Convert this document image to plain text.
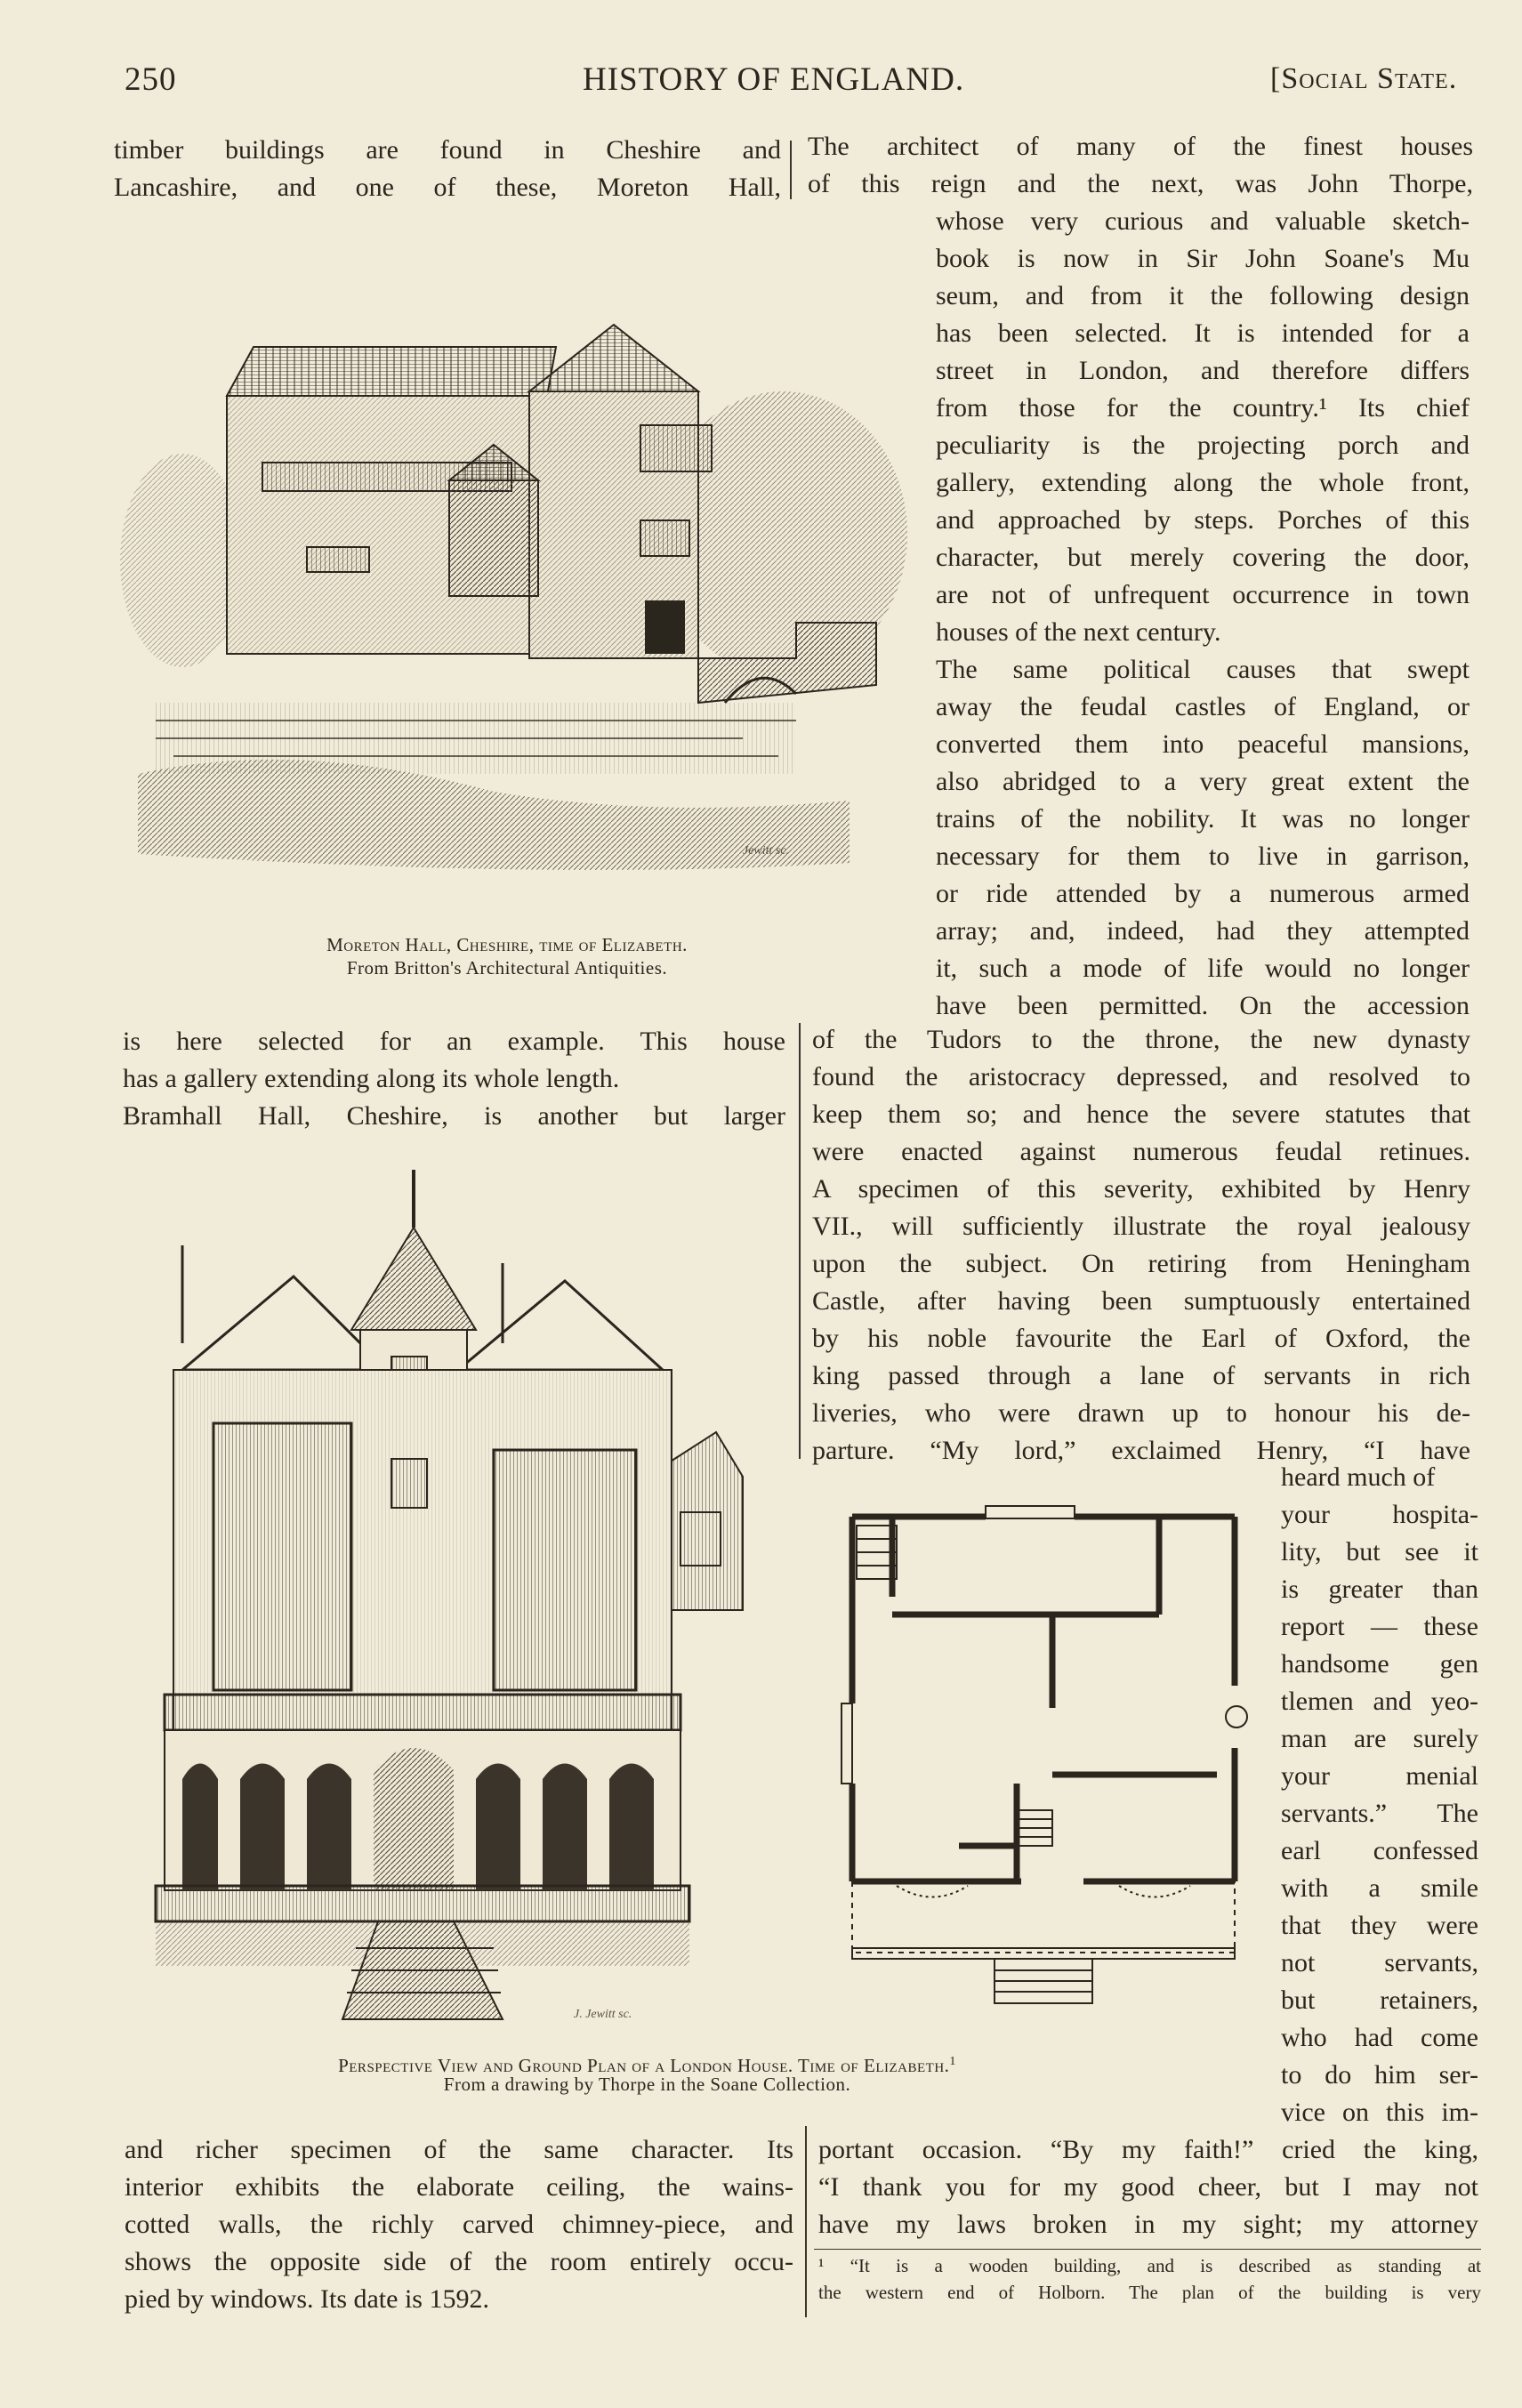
250	HISTORY OF ENGLAND.	[Social State.
timber buildings are found in Cheshire and
Lancashire, and one of these, Moreton Hall,
Jewitt sc.
Moreton Hall, Cheshire, time of Elizabeth.
From Britton's Architectural Antiquities.
is here selected for an example. This house
has a gallery extending along its whole length.
Bramhall Hall, Cheshire, is another but larger
J. Jewitt sc.
Perspective View and Ground Plan of a London House. Time of Elizabeth.$^1$
From a drawing by Thorpe in the Soane Collection.
The architect of many of the finest houses
of this reign and the next, was John Thorpe,
whose very curious and valuable sketch-
book is now in Sir John Soane's Mu
seum, and from it the following design
has been selected. It is intended for a
street in London, and therefore differs
from those for the country.¹ Its chief
peculiarity is the projecting porch and
gallery, extending along the whole front,
and approached by steps. Porches of this
character, but merely covering the door,
are not of unfrequent occurrence in town
houses of the next century.
The same political causes that swept
away the feudal castles of England, or
converted them into peaceful mansions,
also abridged to a very great extent the
trains of the nobility. It was no longer
necessary for them to live in garrison,
or ride attended by a numerous armed
array; and, indeed, had they attempted
it, such a mode of life would no longer
have been permitted. On the accession
of the Tudors to the throne, the new dynasty
found the aristocracy depressed, and resolved to
keep them so; and hence the severe statutes that
were enacted against numerous feudal retinues.
A specimen of this severity, exhibited by Henry
VII., will sufficiently illustrate the royal jealousy
upon the subject. On retiring from Heningham
Castle, after having been sumptuously entertained
by his noble favourite the Earl of Oxford, the
king passed through a lane of servants in rich
liveries, who were drawn up to honour his de-
parture. “My lord,” exclaimed Henry, “I have
heard much of
your hospita-
lity, but see it
is greater than
report — these
handsome gen
tlemen and yeo-
man are surely
your menial
servants.” The
earl confessed
with a smile
that they were
not servants,
but retainers,
who had come
to do him ser-
vice on this im-
and richer specimen of the same character. Its
interior exhibits the elaborate ceiling, the wains-
cotted walls, the richly carved chimney-piece, and
shows the opposite side of the room entirely occu-
pied by windows. Its date is 1592.
portant occasion. “By my faith!” cried the king,
“I thank you for my good cheer, but I may not
have my laws broken in my sight; my attorney
¹ “It is a wooden building, and is described as standing at
the western end of Holborn. The plan of the building is very
